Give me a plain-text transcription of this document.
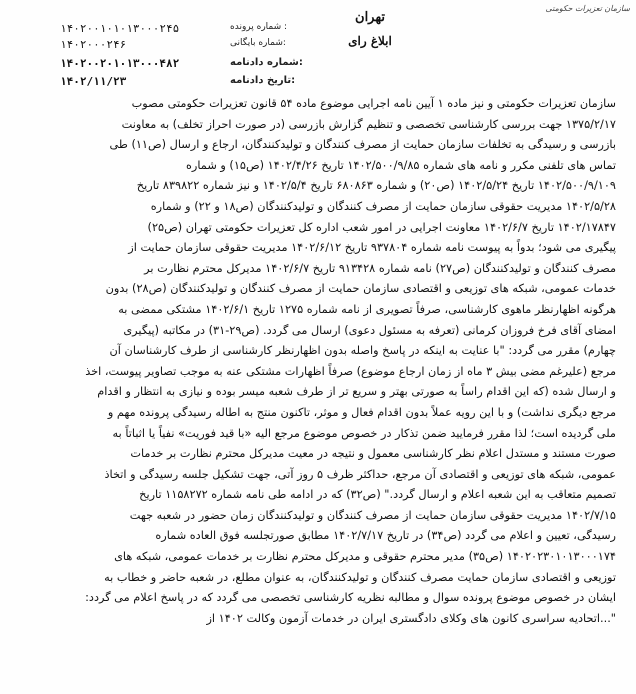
سازمان تعزیرات حکومتی
تهران
ابلاغ رای
شماره پرونده :
۱۴۰۲۰۰۱۰۱۰۱۳۰۰۰۲۴۵
شماره بایگانی:
۱۴۰۲۰۰۰۲۴۶
شماره دادنامه:
۱۴۰۲۰۰۲۰۱۰۱۳۰۰۰۴۸۲
تاریخ دادنامه:
۱۴۰۲/۱۱/۲۳
سازمان تعزیرات حکومتی و نیز ماده ۱ آیین نامه اجرایی موضوع ماده ۵۴ قانون تعزیرات حکومتی مصوب
۱۳۷۵/۲/۱۷ جهت بررسی کارشناسی تخصصی و تنظیم گزارش بازرسی (در صورت احراز تخلف) به معاونت
بازرسی و رسیدگی به تخلفات سازمان حمایت از مصرف کنندگان و تولیدکنندگان، ارجاع و ارسال (ص۱۱) طی
تماس های تلفنی مکرر و نامه های شماره ۱۴۰۲/۵۰۰/۹/۸۵ تاریخ ۱۴۰۲/۴/۲۶ (ص۱۵) و شماره
۱۴۰۲/۵۰۰/۹/۱۰۹ تاریخ ۱۴۰۲/۵/۲۴ (ص۲۰) و شماره ۶۸۰۸۶۳ تاریخ ۱۴۰۲/۵/۴ و نیز شماره ۸۳۹۸۲۲ تاریخ
۱۴۰۲/۵/۲۸ مدیریت حقوقی سازمان حمایت از مصرف کنندگان و تولیدکنندگان (ص۱۸ و ۲۲) و شماره
۱۴۰۲/۱۷۸۴۷ تاریخ ۱۴۰۲/۶/۷ معاونت اجرایی در امور شعب اداره کل تعزیرات حکومتی تهران (ص۲۵)
پیگیری می شود؛ بدواً به پیوست نامه شماره ۹۳۷۸۰۴ تاریخ ۱۴۰۲/۶/۱۲ مدیریت حقوقی سازمان حمایت از
مصرف کنندگان و تولیدکنندگان (ص۲۷) نامه شماره ۹۱۳۴۲۸ تاریخ ۱۴۰۲/۶/۷ مدیرکل محترم نظارت بر
خدمات عمومی، شبکه های توزیعی و اقتصادی سازمان حمایت از مصرف کنندگان و تولیدکنندگان (ص۲۸) بدون
هرگونه اظهارنظر ماهوی کارشناسی، صرفاً تصویری از نامه شماره ۱۲۷۵ تاریخ ۱۴۰۲/۶/۱ مشتکی ممضی به
امضای آقای فرخ فروزان کرمانی (تعرفه به مسئول دعوی) ارسال می گردد. (ص۲۹-۳۱) در مکاتبه (پیگیری
چهارم) مقرر می گردد: "با عنایت به اینکه در پاسخ واصله بدون اظهارنظر کارشناسی از طرف کارشناسان آن
مرجع (علیرغم مضی بیش ۳ ماه از زمان ارجاع موضوع) صرفاً اظهارات مشتکی عنه به موجب تصاویر پیوست، اخذ
و ارسال شده (که این اقدام راساً به صورتی بهتر و سریع تر از طرف شعبه میسر بوده و نیازی به انتظار و اقدام
مرجع دیگری نداشت) و با این رویه عملاً بدون اقدام فعال و موثر، تاکنون منتج به اطاله رسیدگی پرونده مهم و
ملی گردیده است؛ لذا مقرر فرمایید ضمن تذکار در خصوص موضوع مرجع الیه «با قید فوریت» نفیاً یا اثباتاً به
صورت مستند و مستدل اعلام نظر کارشناسی معمول و نتیجه در معیت مدیرکل محترم نظارت بر خدمات
عمومی، شبکه های توزیعی و اقتصادی آن مرجع، حداکثر ظرف ۵ روز آتی، جهت تشکیل جلسه رسیدگی و اتخاذ
تصمیم متعاقب به این شعبه اعلام و ارسال گردد." (ص۳۲) که در ادامه طی نامه شماره ۱۱۵۸۲۷۲ تاریخ
۱۴۰۲/۷/۱۵ مدیریت حقوقی سازمان حمایت از مصرف کنندگان و تولیدکنندگان زمان حضور در شعبه جهت
رسیدگی، تعیین و اعلام می گردد (ص۳۴) در تاریخ ۱۴۰۲/۷/۱۷ مطابق صورتجلسه فوق العاده شماره
۱۴۰۲۰۲۳۰۱۰۱۳۰۰۰۱۷۴ (ص۳۵) مدیر محترم حقوقی و مدیرکل محترم نظارت بر خدمات عمومی، شبکه های
توزیعی و اقتصادی سازمان حمایت مصرف کنندگان و تولیدکنندگان، به عنوان مطلع، در شعبه حاضر و خطاب به
ایشان در خصوص موضوع پرونده سوال و مطالبه نظریه کارشناسی تخصصی می گردد که در پاسخ اعلام می گردد:
"...اتحادیه سراسری کانون های وکلای دادگستری ایران در خدمات آزمون وکالت ۱۴۰۲ از
